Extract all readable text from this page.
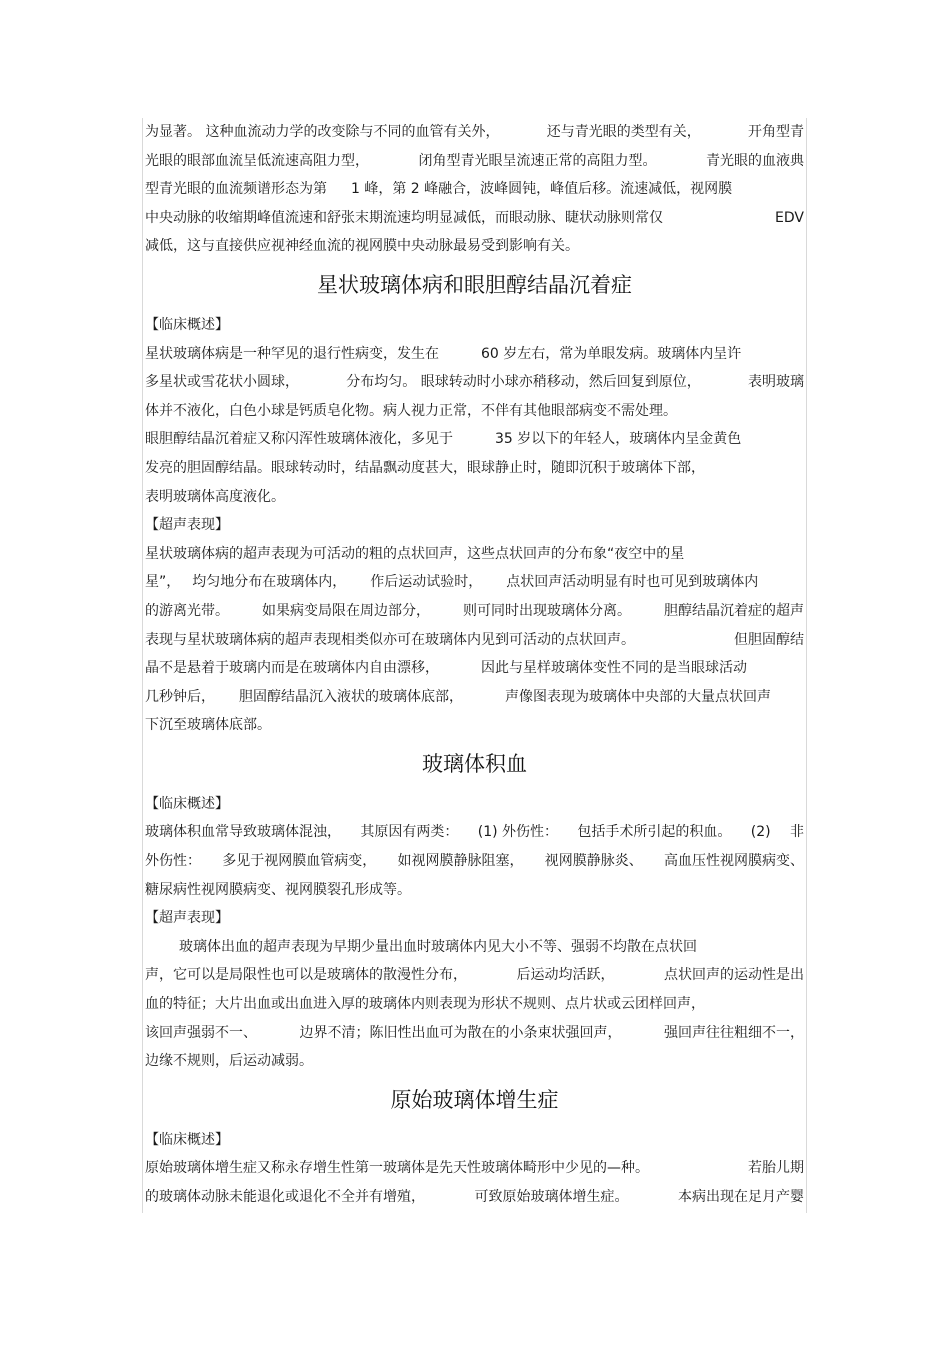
为显著。 这种血流动力学的改变除与不同的血管有关外，	还与青光眼的类型有关，	开角型青
光眼的眼部血流呈低流速高阻力型，	闭角型青光眼呈流速正常的高阻力型。	青光眼的血液典
型青光眼的血流频谱形态为第 1 峰，第 2 峰融合，波峰圆钝，峰值后移。流速减低，视网膜
中央动脉的收缩期峰值流速和舒张末期流速均明显减低，而眼动脉、睫状动脉则常仅	EDV
减低，这与直接供应视神经血流的视网膜中央动脉最易受到影响有关。
星状玻璃体病和眼胆醇结晶沉着症
【临床概述】
星状玻璃体病是一种罕见的退行性病变，发生在	60 岁左右，常为单眼发病。玻璃体内呈许
多星状或雪花状小圆球，	分布均匀。 眼球转动时小球亦稍移动，然后回复到原位，	表明玻璃
体并不液化，白色小球是钙质皂化物。病人视力正常，不伴有其他眼部病变不需处理。
眼胆醇结晶沉着症又称闪浑性玻璃体液化，多见于	35 岁以下的年轻人，玻璃体内呈金黄色
发亮的胆固醇结晶。眼球转动时，结晶飘动度甚大，眼球静止时，随即沉积于玻璃体下部，
表明玻璃体高度液化。
【超声表现】
星状玻璃体病的超声表现为可活动的粗的点状回声，这些点状回声的分布象“夜空中的星
星”， 均匀地分布在玻璃体内， 作后运动试验时， 点状回声活动明显有时也可见到玻璃体内
的游离光带。 如果病变局限在周边部分， 则可同时出现玻璃体分离。 胆醇结晶沉着症的超声
表现与星状玻璃体病的超声表现相类似亦可在玻璃体内见到可活动的点状回声。	但胆固醇结
晶不是悬着于玻璃内而是在玻璃体内自由漂移，	因此与星样玻璃体变性不同的是当眼球活动
几秒钟后， 胆固醇结晶沉入液状的玻璃体底部，	声像图表现为玻璃体中央部的大量点状回声
下沉至玻璃体底部。
玻璃体积血
【临床概述】
玻璃体积血常导致玻璃体混浊， 其原因有两类： (1) 外伤性： 包括手术所引起的积血。 (2) 非
外伤性： 多见于视网膜血管病变， 如视网膜静脉阻塞， 视网膜静脉炎、 高血压性视网膜病变、
糖尿病性视网膜病变、视网膜裂孔形成等。
【超声表现】
玻璃体出血的超声表现为早期少量出血时玻璃体内见大小不等、强弱不均散在点状回
声，它可以是局限性也可以是玻璃体的散漫性分布，	后运动均活跃，	点状回声的运动性是出
血的特征；大片出血或出血进入厚的玻璃体内则表现为形状不规则、点片状或云团样回声，
该回声强弱不一、	边界不清；陈旧性出血可为散在的小条束状强回声，	强回声往往粗细不一，
边缘不规则，后运动减弱。
原始玻璃体增生症
【临床概述】
原始玻璃体增生症又称永存增生性第一玻璃体是先天性玻璃体畸形中少见的—种。	若胎儿期
的玻璃体动脉未能退化或退化不全并有增殖，	可致原始玻璃体增生症。	本病出现在足月产婴
